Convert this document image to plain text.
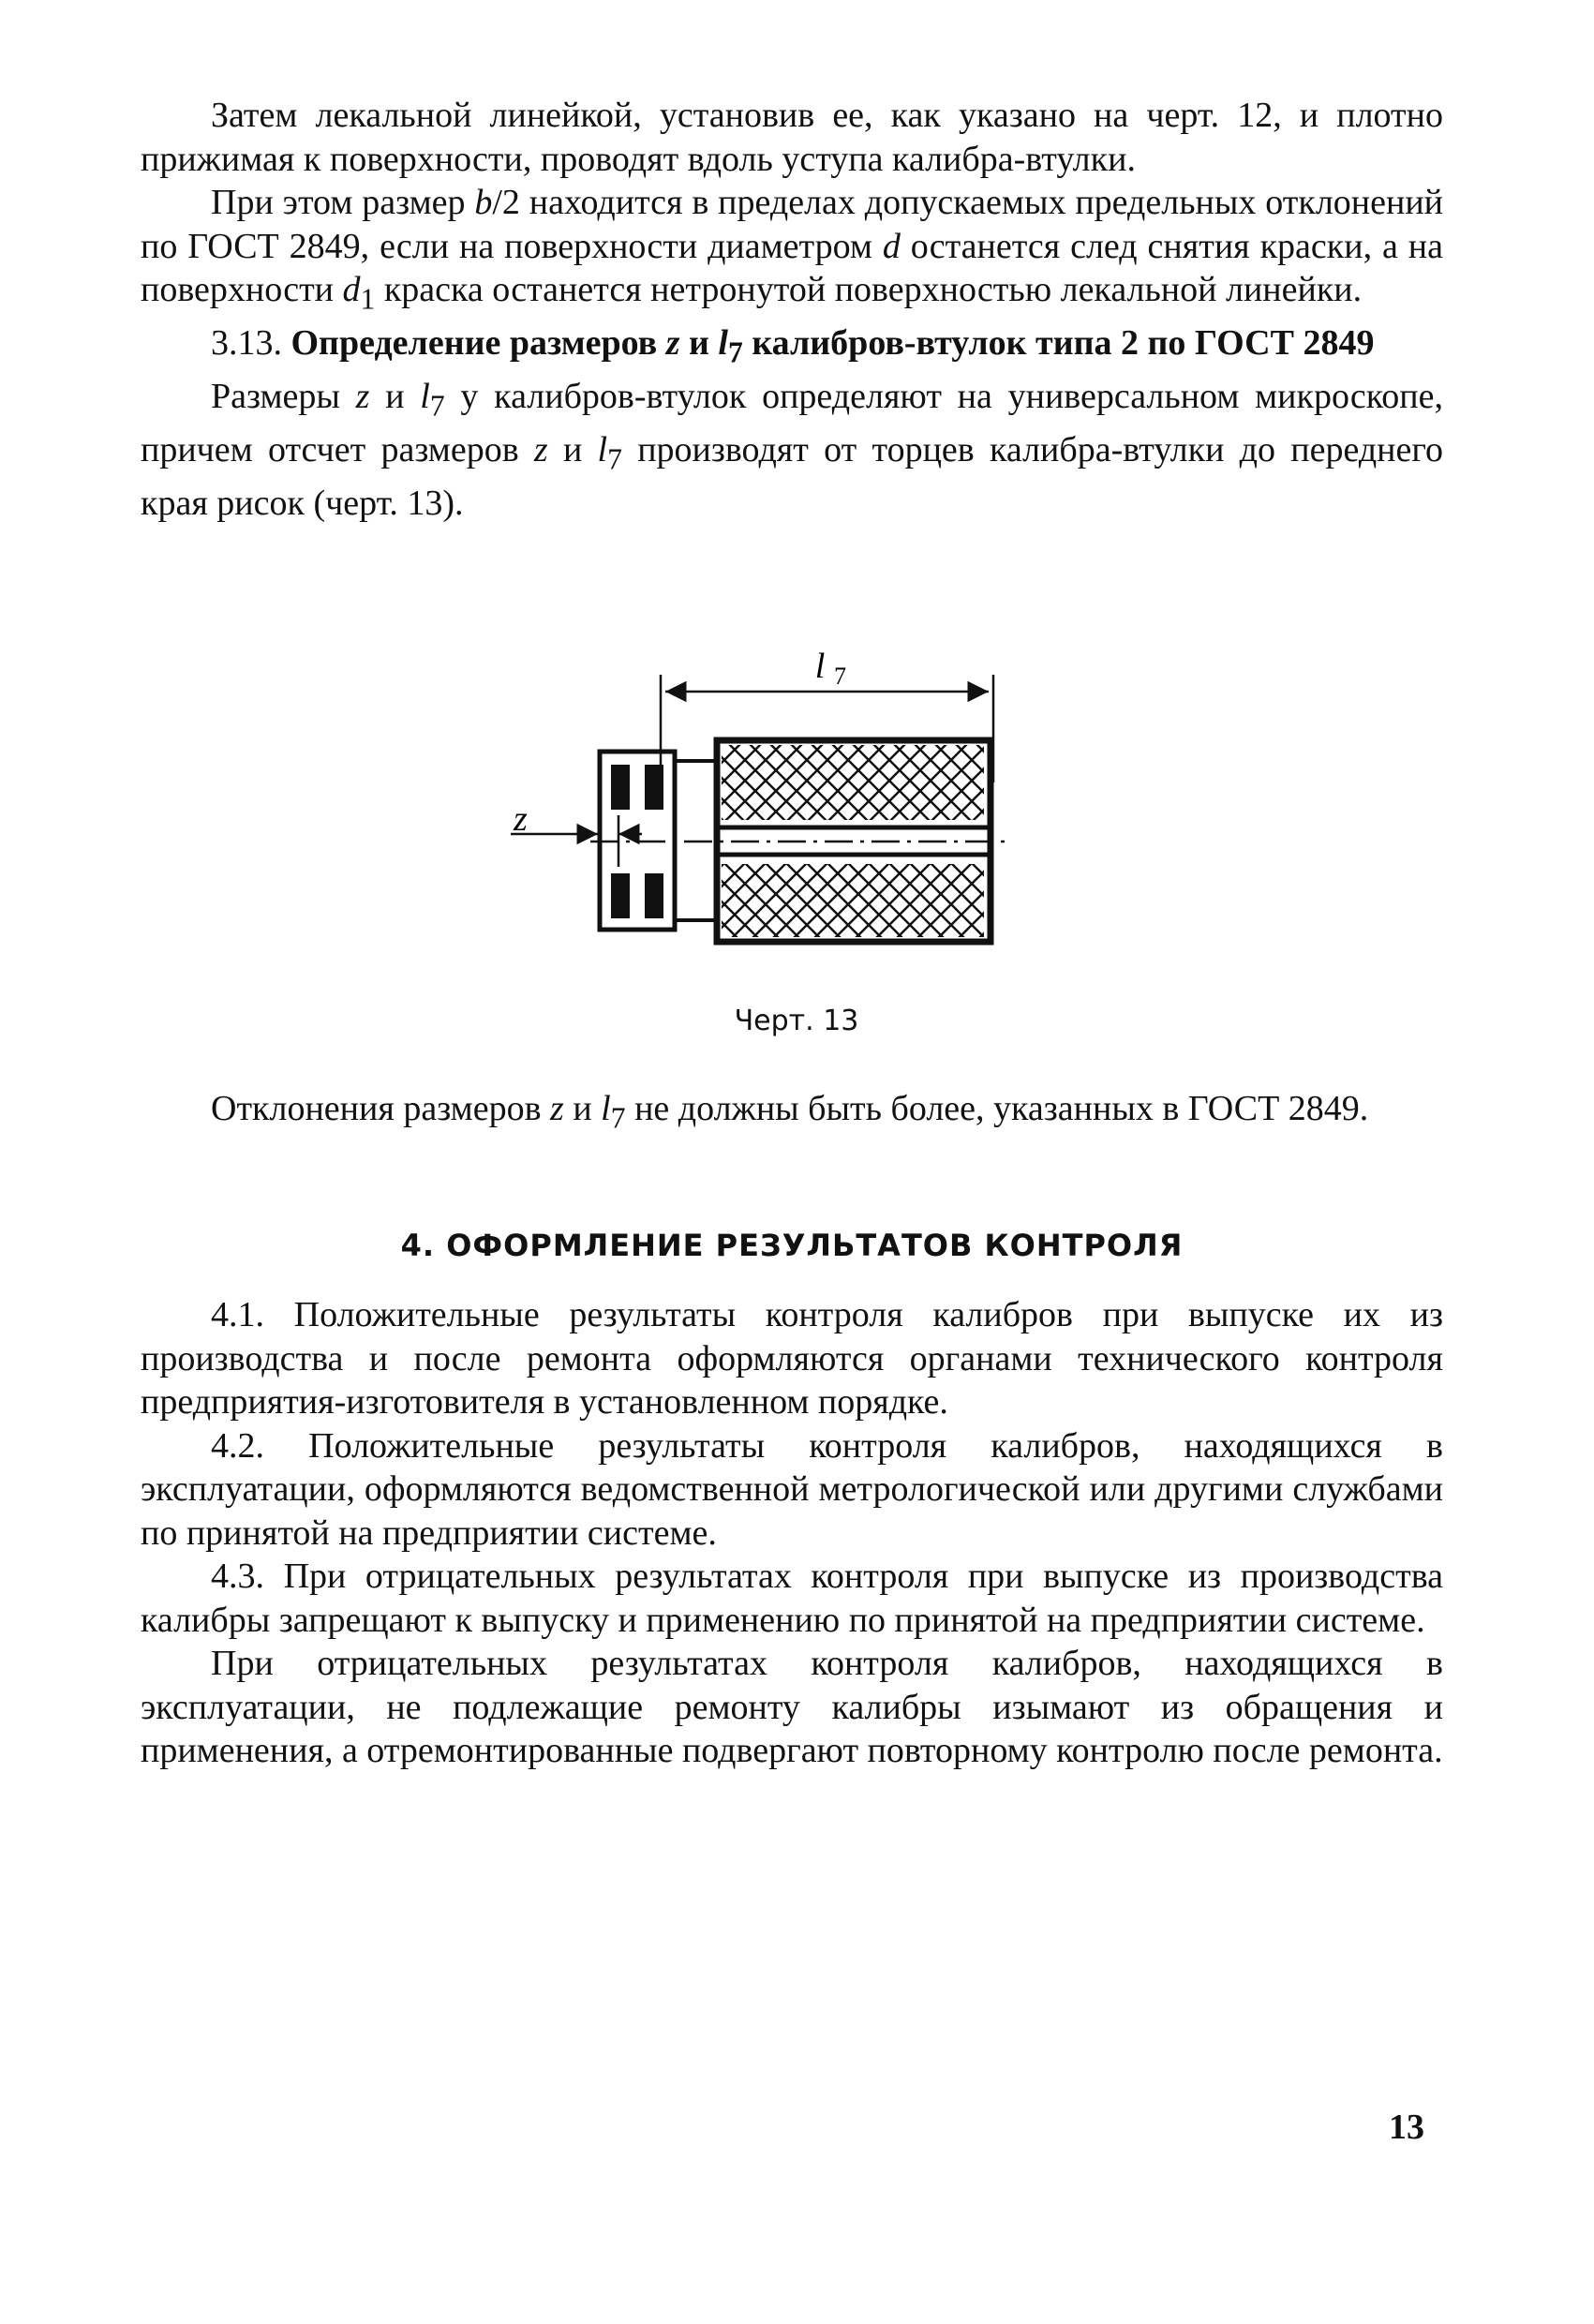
Затем лекальной линейкой, установив ее, как указано на черт. 12, и плотно прижимая к поверхности, проводят вдоль уступа калибра-втулки.

При этом размер b/2 находится в пределах допускаемых предельных отклонений по ГОСТ 2849, если на поверхности диаметром d останется след снятия краски, а на поверхности $d_1$ краска останется нетронутой поверхностью лекальной линейки.

3.13. Определение размеров z и $l_7$ калибров-втулок типа 2 по ГОСТ 2849

Размеры z и $l_7$ у калибров-втулок определяют на универсальном микроскопе, причем отсчет размеров z и $l_7$ производят от торцев калибра-втулки до переднего края рисок (черт. 13).

l 7
z
Черт. 13

Отклонения размеров z и $l_7$ не должны быть более, указанных в ГОСТ 2849.

4. ОФОРМЛЕНИЕ РЕЗУЛЬТАТОВ КОНТРОЛЯ

4.1. Положительные результаты контроля калибров при выпуске их из производства и после ремонта оформляются органами технического контроля предприятия-изготовителя в установленном порядке.

4.2. Положительные результаты контроля калибров, находящихся в эксплуатации, оформляются ведомственной метрологической или другими службами по принятой на предприятии системе.

4.3. При отрицательных результатах контроля при выпуске из производства калибры запрещают к выпуску и применению по принятой на предприятии системе.

При отрицательных результатах контроля калибров, находящихся в эксплуатации, не подлежащие ремонту калибры изымают из обращения и применения, а отремонтированные подвергают повторному контролю после ремонта.

13
